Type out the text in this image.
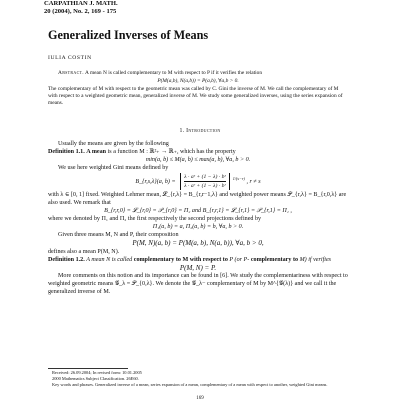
CARPATHIAN J. MATH.
20 (2004), No. 2, 169 - 175
Generalized Inverses of Means
IULIA COSTIN
Abstract. A mean N is called complementary to M with respect to P if it verifies the relation
P(M(a,b), N(a,b)) = P(a,b), ∀a,b > 0.
The complementary of M with respect to the geometric mean was called by C. Gini the inverse of M. We call the complementary of M with respect to a weighted geometric mean, generalized inverse of M. We study some generalized inverses, using the series expansion of means.
1. Introduction

Usually the means are given by the following

Definition 1.1. A mean is a function M : ℝ²₊ → ℝ₊, which has the property

min(a, b) ≤ M(a, b) ≤ max(a, b), ∀a, b > 0.

We use here weighted Gini means defined by

B_{r,s,λ}(a, $b) = \frac{\text{λ · aˢ + (1 − λ) · bˢ}}{\text{λ · aʳ + (1 − λ) · bʳ}} ^{1/(s-r)}$ , r ≠ s

with λ ∈ [0, 1] fixed. Weighted Lehmer mean, 𝓛_{r,λ} = B_{r,r−1,λ} and weighted power means 𝒫_{r,λ} = B_{r,0,λ} are also used. We remark that

B_{r,r,0} = 𝓛_{r,0} = 𝒫_{r,0} = Π₂ and B_{r,r,1} = 𝓛_{r,1} = 𝒫_{r,1} = Π₁ ,

where we denoted by Π₁ and Π₂ the first respectively the second projections defined by

Π₁(a, b) = a, Π₂(a, b) = b, ∀a, b > 0.

Given three means M, N and P, their composition

P(M, N)(a, b) = P(M(a, b), N(a, b)), ∀a, b > 0,

defines also a mean P(M, N).

Definition 1.2. A mean N is called complementary to M with respect to P (or P- complementary to M) if verifies

P(M, N) = P.

More comments on this notion and its importance can be found in [6]. We study the complementariness with respect to weighted geometric means 𝒢_λ = 𝒫_{0,λ}. We denote the 𝒢_λ− complementary of M by M^{𝒢(λ)} and we call it the generalized inverse of M.

Received: 26.09.2004; In revised form: 10.01.2005
2000 Mathematics Subject Classification. 26E60.
Key words and phrases. Generalized inverse of a mean, series expansion of a mean, complementary of a mean with respect to another, weighted Gini means.
169
